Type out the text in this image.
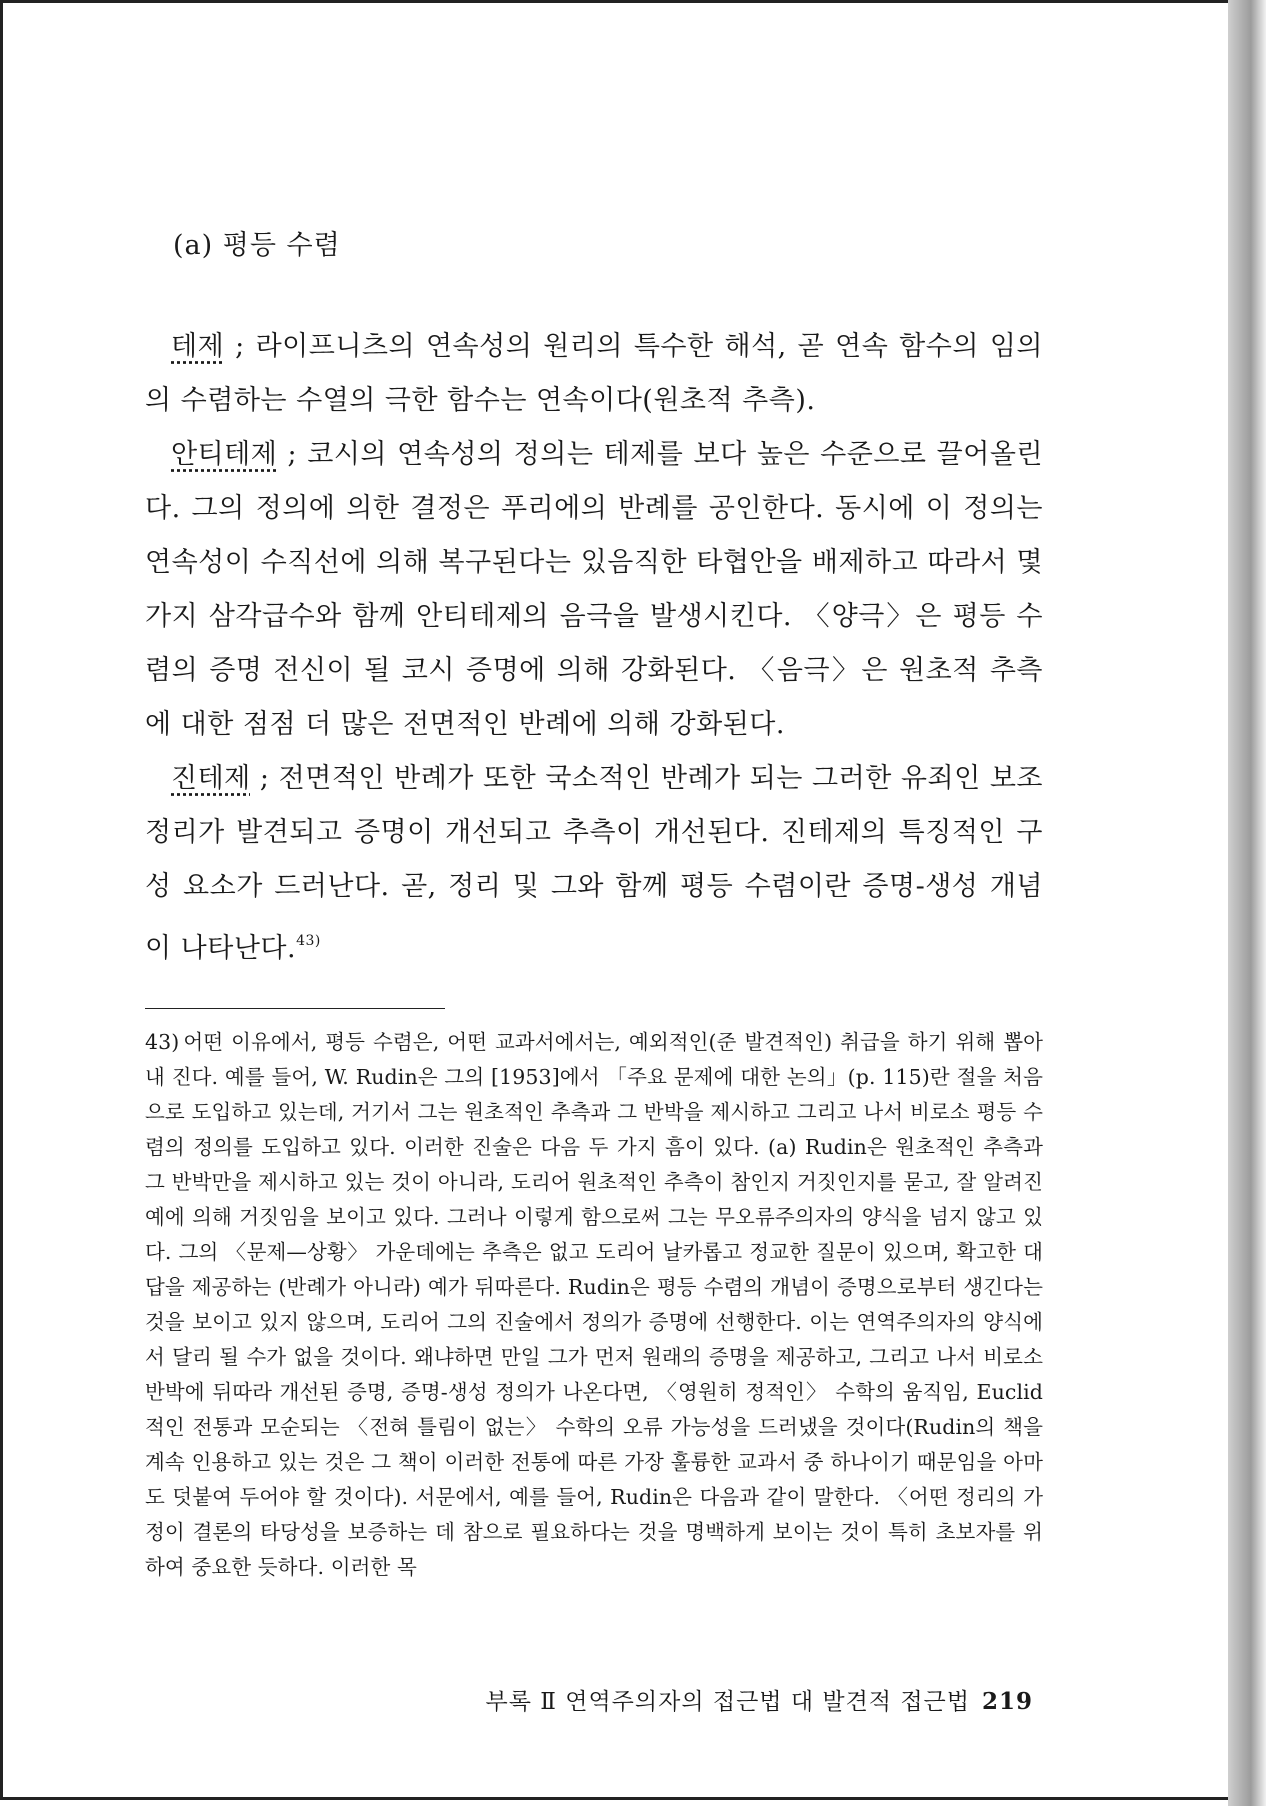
(a) 평등 수렴

테제 ; 라이프니츠의 연속성의 원리의 특수한 해석, 곧 연속 함수의 임의의 수렴하는 수열의 극한 함수는 연속이다(원초적 추측).

안티테제 ; 코시의 연속성의 정의는 테제를 보다 높은 수준으로 끌어올린다. 그의 정의에 의한 결정은 푸리에의 반례를 공인한다. 동시에 이 정의는 연속성이 수직선에 의해 복구된다는 있음직한 타협안을 배제하고 따라서 몇 가지 삼각급수와 함께 안티테제의 음극을 발생시킨다. 〈양극〉은 평등 수렴의 증명 전신이 될 코시 증명에 의해 강화된다. 〈음극〉은 원초적 추측에 대한 점점 더 많은 전면적인 반례에 의해 강화된다.

진테제 ; 전면적인 반례가 또한 국소적인 반례가 되는 그러한 유죄인 보조 정리가 발견되고 증명이 개선되고 추측이 개선된다. 진테제의 특징적인 구성 요소가 드러난다. 곧, 정리 및 그와 함께 평등 수렴이란 증명-생성 개념이 나타난다.$^{43)}$

43) 어떤 이유에서, 평등 수렴은, 어떤 교과서에서는, 예외적인(준 발견적인) 취급을 하기 위해 뽑아내 진다. 예를 들어, W. Rudin은 그의 [1953]에서 「주요 문제에 대한 논의」(p. 115)란 절을 처음으로 도입하고 있는데, 거기서 그는 원초적인 추측과 그 반박을 제시하고 그리고 나서 비로소 평등 수렴의 정의를 도입하고 있다. 이러한 진술은 다음 두 가지 흠이 있다. (a) Rudin은 원초적인 추측과 그 반박만을 제시하고 있는 것이 아니라, 도리어 원초적인 추측이 참인지 거짓인지를 묻고, 잘 알려진 예에 의해 거짓임을 보이고 있다. 그러나 이렇게 함으로써 그는 무오류주의자의 양식을 넘지 않고 있다. 그의 〈문제—상황〉 가운데에는 추측은 없고 도리어 날카롭고 정교한 질문이 있으며, 확고한 대답을 제공하는 (반례가 아니라) 예가 뒤따른다. Rudin은 평등 수렴의 개념이 증명으로부터 생긴다는 것을 보이고 있지 않으며, 도리어 그의 진술에서 정의가 증명에 선행한다. 이는 연역주의자의 양식에서 달리 될 수가 없을 것이다. 왜냐하면 만일 그가 먼저 원래의 증명을 제공하고, 그리고 나서 비로소 반박에 뒤따라 개선된 증명, 증명-생성 정의가 나온다면, 〈영원히 정적인〉 수학의 움직임, Euclid적인 전통과 모순되는 〈전혀 틀림이 없는〉 수학의 오류 가능성을 드러냈을 것이다(Rudin의 책을 계속 인용하고 있는 것은 그 책이 이러한 전통에 따른 가장 훌륭한 교과서 중 하나이기 때문임을 아마도 덧붙여 두어야 할 것이다). 서문에서, 예를 들어, Rudin은 다음과 같이 말한다. 〈어떤 정리의 가정이 결론의 타당성을 보증하는 데 참으로 필요하다는 것을 명백하게 보이는 것이 특히 초보자를 위하여 중요한 듯하다. 이러한 목
부록 Ⅱ 연역주의자의 접근법 대 발견적 접근법 219
